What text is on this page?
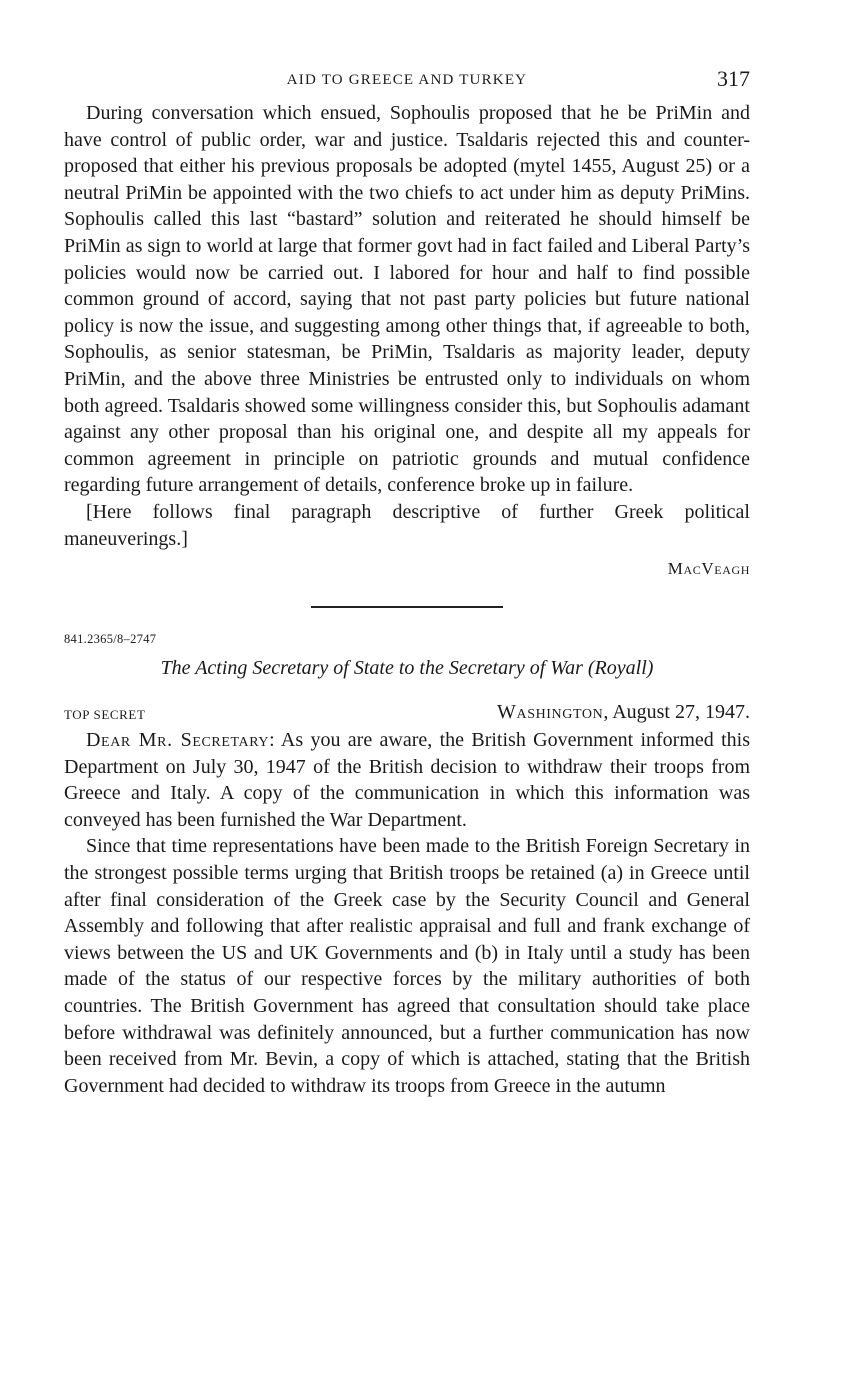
AID TO GREECE AND TURKEY	317

During conversation which ensued, Sophoulis proposed that he be PriMin and have control of public order, war and justice. Tsaldaris rejected this and counter-proposed that either his previous proposals be adopted (mytel 1455, August 25) or a neutral PriMin be appointed with the two chiefs to act under him as deputy PriMins. Sophoulis called this last “bastard” solution and reiterated he should himself be PriMin as sign to world at large that former govt had in fact failed and Liberal Party’s policies would now be carried out. I labored for hour and half to find possible common ground of accord, saying that not past party policies but future national policy is now the issue, and suggesting among other things that, if agreeable to both, Sophoulis, as senior statesman, be PriMin, Tsaldaris as majority leader, deputy PriMin, and the above three Ministries be entrusted only to individuals on whom both agreed. Tsaldaris showed some willingness consider this, but Sophoulis adamant against any other proposal than his original one, and despite all my appeals for common agreement in principle on patriotic grounds and mutual confidence regarding future arrangement of details, conference broke up in failure.

[Here follows final paragraph descriptive of further Greek political maneuverings.]

MacVeagh
841.2365/8–2747
The Acting Secretary of State to the Secretary of War (Royall)
TOP SECRET	Washington, August 27, 1947.

Dear Mr. Secretary: As you are aware, the British Government informed this Department on July 30, 1947 of the British decision to withdraw their troops from Greece and Italy. A copy of the communication in which this information was conveyed has been furnished the War Department.

Since that time representations have been made to the British Foreign Secretary in the strongest possible terms urging that British troops be retained (a) in Greece until after final consideration of the Greek case by the Security Council and General Assembly and following that after realistic appraisal and full and frank exchange of views between the US and UK Governments and (b) in Italy until a study has been made of the status of our respective forces by the military authorities of both countries. The British Government has agreed that consultation should take place before withdrawal was definitely announced, but a further communication has now been received from Mr. Bevin, a copy of which is attached, stating that the British Government had decided to withdraw its troops from Greece in the autumn
